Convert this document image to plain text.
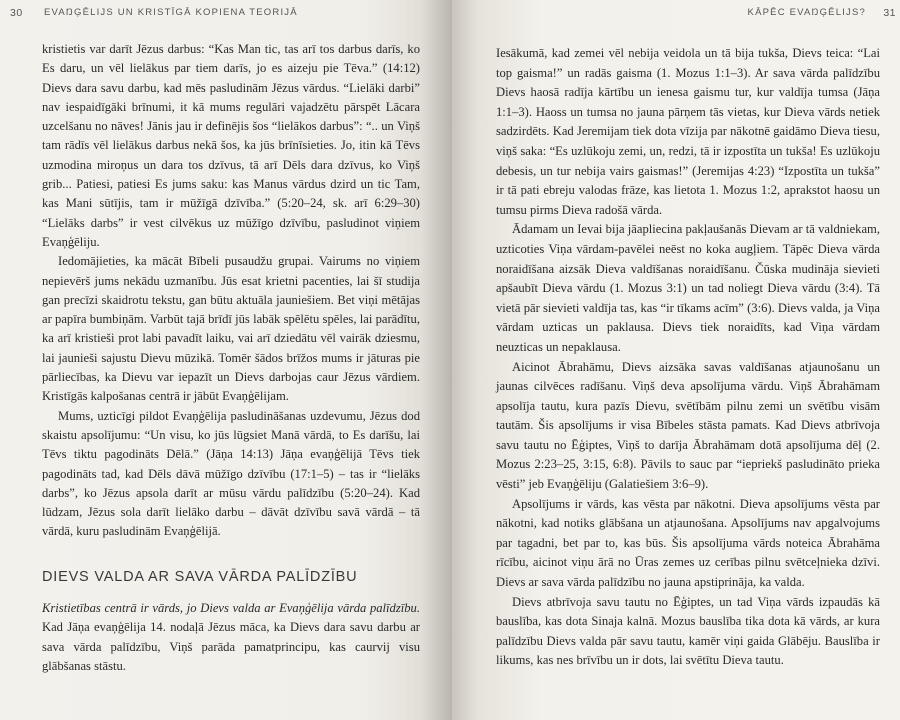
30 EVAŊĢĒLIJS UN KRISTĪGĀ KOPIENA TEORIJĀ

kristietis var darīt Jēzus darbus: “Kas Man tic, tas arī tos darbus darīs, ko Es daru, un vēl lielākus par tiem darīs, jo es aizeju pie Tēva.” (14:12) Dievs dara savu darbu, kad mēs pasludinām Jēzus vārdus. “Lielāki darbi” nav iespaidīgāki brīnumi, it kā mums regulāri vajadzētu pārspēt Lācara uzcelšanu no nāves! Jānis jau ir definējis šos “lielākos darbus”: “.. un Viņš tam rādīs vēl lielākus darbus nekā šos, ka jūs brīnīsieties. Jo, itin kā Tēvs uzmodina miroņus un dara tos dzīvus, tā arī Dēls dara dzīvus, ko Viņš grib... Patiesi, patiesi Es jums saku: kas Manus vārdus dzird un tic Tam, kas Mani sūtījis, tam ir mūžīgā dzīvība.” (5:20–24, sk. arī 6:29–30) “Lielāks darbs” ir vest cilvēkus uz mūžīgo dzīvību, pasludinot viņiem Evaņģēliju.

Iedomājieties, ka mācāt Bībeli pusaudžu grupai. Vairums no viņiem nepievērš jums nekādu uzmanību. Jūs esat krietni pacenties, lai šī studija gan precīzi skaidrotu tekstu, gan būtu aktuāla jauniešiem. Bet viņi mētājas ar papīra bumbiņām. Varbūt tajā brīdī jūs labāk spēlētu spēles, lai parādītu, ka arī kristieši prot labi pavadīt laiku, vai arī dziedātu vēl vairāk dziesmu, lai jaunieši sajustu Dievu mūzikā. Tomēr šādos brīžos mums ir jāturas pie pārliecības, ka Dievu var iepazīt un Dievs darbojas caur Jēzus vārdiem. Kristīgās kalpošanas centrā ir jābūt Evaņģēlijam.

Mums, uzticīgi pildot Evaņģēlija pasludināšanas uzdevumu, Jēzus dod skaistu apsolījumu: “Un visu, ko jūs lūgsiet Manā vārdā, to Es darīšu, lai Tēvs tiktu pagodināts Dēlā.” (Jāņa 14:13) Jāņa evaņģēlijā Tēvs tiek pagodināts tad, kad Dēls dāvā mūžīgo dzīvību (17:1–5) – tas ir “lielāks darbs”, ko Jēzus apsola darīt ar mūsu vārdu palīdzību (5:20–24). Kad lūdzam, Jēzus sola darīt lielāko darbu – dāvāt dzīvību savā vārdā – tā vārdā, kuru pasludinām Evaņģēlijā.

DIEVS VALDA AR SAVA VĀRDA PALĪDZĪBU

Kristietības centrā ir vārds, jo Dievs valda ar Evaņģēlija vārda palīdzību. Kad Jāņa evaņģēlija 14. nodaļā Jēzus māca, ka Dievs dara savu darbu ar sava vārda palīdzību, Viņš parāda pamatprincipu, kas caurvij visu glābšanas stāstu.

KĀPĒC EVAŊĢĒLIJS? 31

Iesākumā, kad zemei vēl nebija veidola un tā bija tukša, Dievs teica: “Lai top gaisma!” un radās gaisma (1. Mozus 1:1–3). Ar sava vārda palīdzību Dievs haosā radīja kārtību un ienesa gaismu tur, kur valdīja tumsa (Jāņa 1:1–3). Haoss un tumsa no jauna pārņem tās vietas, kur Dieva vārds netiek sadzirdēts. Kad Jeremijam tiek dota vīzija par nākotnē gaidāmo Dieva tiesu, viņš saka: “Es uzlūkoju zemi, un, redzi, tā ir izpostīta un tukša! Es uzlūkoju debesis, un tur nebija vairs gaismas!” (Jeremijas 4:23) “Izpostīta un tukša” ir tā pati ebreju valodas frāze, kas lietota 1. Mozus 1:2, aprakstot haosu un tumsu pirms Dieva radošā vārda.

Ādamam un Ievai bija jāapliecina pakļaušanās Dievam ar tā valdniekam, uzticoties Viņa vārdam-pavēlei neēst no koka augļiem. Tāpēc Dieva vārda noraidīšana aizsāk Dieva valdīšanas noraidīšanu. Čūska mudināja sievieti apšaubīt Dieva vārdu (1. Mozus 3:1) un tad noliegt Dieva vārdu (3:4). Tā vietā pār sievieti valdīja tas, kas “ir tīkams acīm” (3:6). Dievs valda, ja Viņa vārdam uzticas un paklausa. Dievs tiek noraidīts, kad Viņa vārdam neuzticas un nepaklausa.

Aicinot Ābrahāmu, Dievs aizsāka savas valdīšanas atjaunošanu un jaunas cilvēces radīšanu. Viņš deva apsolījuma vārdu. Viņš Ābrahāmam apsolīja tautu, kura pazīs Dievu, svētībām pilnu zemi un svētību visām tautām. Šis apsolījums ir visa Bībeles stāsta pamats. Kad Dievs atbrīvoja savu tautu no Ēģiptes, Viņš to darīja Ābrahāmam dotā apsolījuma dēļ (2. Mozus 2:23–25, 3:15, 6:8). Pāvils to sauc par “iepriekš pasludināto prieka vēsti” jeb Evaņģēliju (Galatiešiem 3:6–9).

Apsolījums ir vārds, kas vēsta par nākotni. Dieva apsolījums vēsta par nākotni, kad notiks glābšana un atjaunošana. Apsolījums nav apgalvojums par tagadni, bet par to, kas būs. Šis apsolījuma vārds noteica Ābrahāma rīcību, aicinot viņu ārā no Ūras zemes uz cerības pilnu svētceļnieka dzīvi. Dievs ar sava vārda palīdzību no jauna apstiprināja, ka valda.

Dievs atbrīvoja savu tautu no Ēģiptes, un tad Viņa vārds izpaudās kā bauslība, kas dota Sinaja kalnā. Mozus bauslība tika dota kā vārds, ar kura palīdzību Dievs valda pār savu tautu, kamēr viņi gaida Glābēju. Bauslība ir likums, kas nes brīvību un ir dots, lai svētītu Dieva tautu.
